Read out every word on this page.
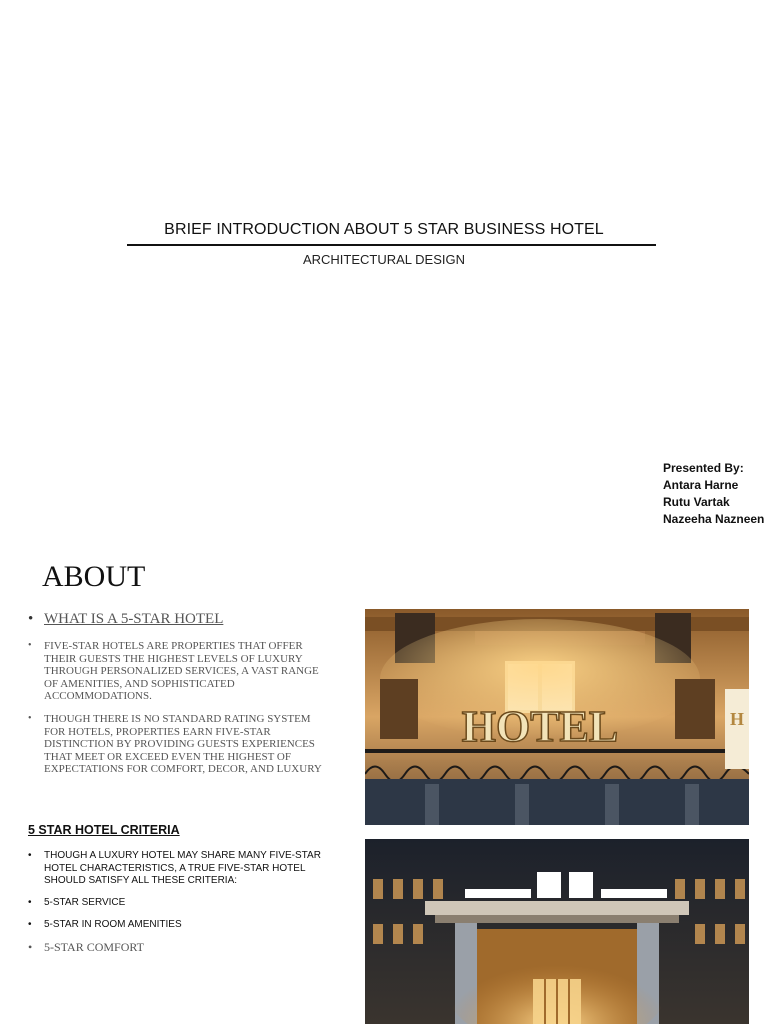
BRIEF INTRODUCTION ABOUT 5 STAR BUSINESS HOTEL
ARCHITECTURAL DESIGN
Presented By:
Antara Harne
Rutu Vartak
Nazeeha Nazneen
ABOUT
• WHAT IS A 5-STAR HOTEL
•	FIVE-STAR HOTELS ARE PROPERTIES THAT OFFER THEIR GUESTS THE HIGHEST LEVELS OF LUXURY THROUGH PERSONALIZED SERVICES, A VAST RANGE OF AMENITIES, AND SOPHISTICATED ACCOMMODATIONS.
•	THOUGH THERE IS NO STANDARD RATING SYSTEM FOR HOTELS, PROPERTIES EARN FIVE-STAR DISTINCTION BY PROVIDING GUESTS EXPERIENCES THAT MEET OR EXCEED EVEN THE HIGHEST OF EXPECTATIONS FOR COMFORT, DECOR, AND LUXURY
5 STAR HOTEL CRITERIA
•	THOUGH A LUXURY HOTEL MAY SHARE MANY FIVE-STAR HOTEL CHARACTERISTICS, A TRUE FIVE-STAR HOTEL SHOULD SATISFY ALL THESE CRITERIA:
•	5-STAR SERVICE
•	5-STAR IN ROOM AMENITIES
• 5-STAR COMFORT
HOTEL	H
